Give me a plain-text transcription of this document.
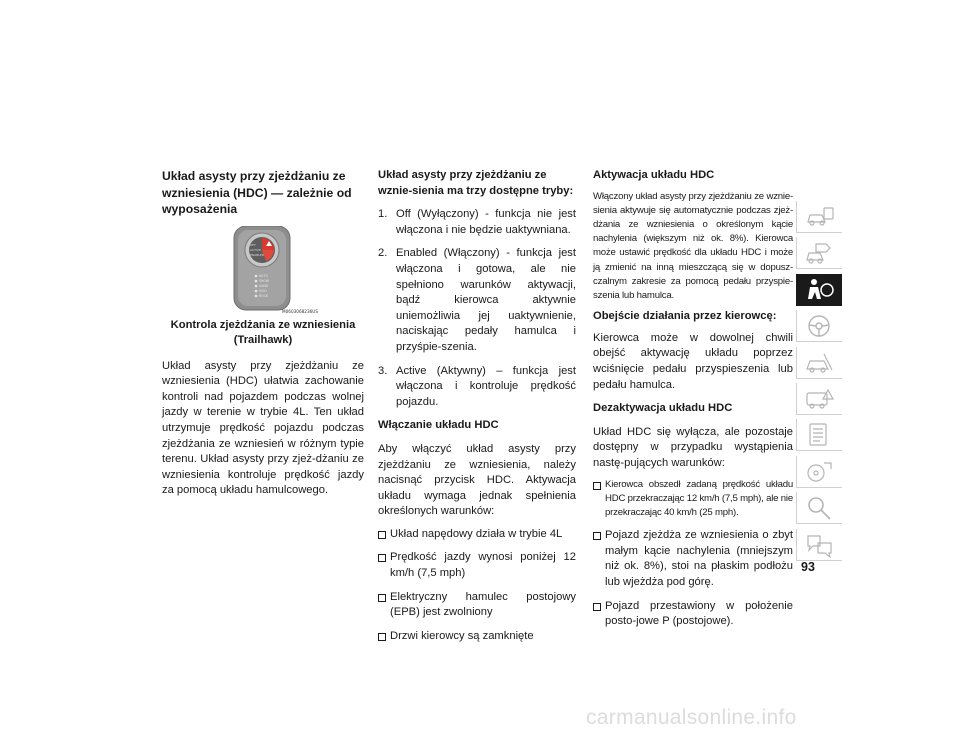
Układ asysty przy zjeżdżaniu ze wzniesienia (HDC) — zależnie od wyposażenia

OFF
ACTIVE
ENABLED
AUTO
SNOW
SAND
MUD
ROCK
M0603068236US

Kontrola zjeżdżania ze wzniesienia (Trailhawk)

Układ asysty przy zjeżdżaniu ze wzniesienia (HDC) ułatwia zachowanie kontroli nad pojazdem podczas wolnej jazdy w terenie w trybie 4L. Ten układ utrzymuje prędkość pojazdu podczas zjeżdżania ze wzniesień w różnym typie terenu. Układ asysty przy zjeż-dżaniu ze wzniesienia kontroluje prędkość jazdy za pomocą układu hamulcowego.

Układ asysty przy zjeżdżaniu ze wznie-sienia ma trzy dostępne tryby:

1. Off (Wyłączony) - funkcja nie jest włączona i nie będzie uaktywniana.
2. Enabled (Włączony) - funkcja jest włączona i gotowa, ale nie spełniono warunków aktywacji, bądź kierowca aktywnie uniemożliwia jej uaktywnienie, naciskając pedały hamulca i przyśpie-szenia.
3. Active (Aktywny) – funkcja jest włączona i kontroluje prędkość pojazdu.

Włączanie układu HDC

Aby włączyć układ asysty przy zjeżdżaniu ze wzniesienia, należy nacisnąć przycisk HDC. Aktywacja układu wymaga jednak spełnienia określonych warunków:

Układ napędowy działa w trybie 4L
Prędkość jazdy wynosi poniżej 12 km/h (7,5 mph)
Elektryczny hamulec postojowy (EPB) jest zwolniony
Drzwi kierowcy są zamknięte

Aktywacja układu HDC

Włączony układ asysty przy zjeżdżaniu ze wznie-sienia aktywuje się automatycznie podczas zjeż-dżania ze wzniesienia o określonym kącie nachylenia (większym niż ok. 8%). Kierowca może ustawić prędkość dla układu HDC i może ją zmienić na inną mieszczącą się w dopusz-czalnym zakresie za pomocą pedału przyspie-szenia lub hamulca.

Obejście działania przez kierowcę:

Kierowca może w dowolnej chwili obejść aktywację układu poprzez wciśnięcie pedału przyspieszenia lub pedału hamulca.

Dezaktywacja układu HDC

Układ HDC się wyłącza, ale pozostaje dostępny w przypadku wystąpienia nastę-pujących warunków:

Kierowca obszedł zadaną prędkość układu HDC przekraczając 12 km/h (7,5 mph), ale nie przekraczając 40 km/h (25 mph).
Pojazd zjeżdża ze wzniesienia o zbyt małym kącie nachylenia (mniejszym niż ok. 8%), stoi na płaskim podłożu lub wjeżdża pod górę.
Pojazd przestawiony w położenie posto-jowe P (postojowe).
93
carmanualsonline.info
